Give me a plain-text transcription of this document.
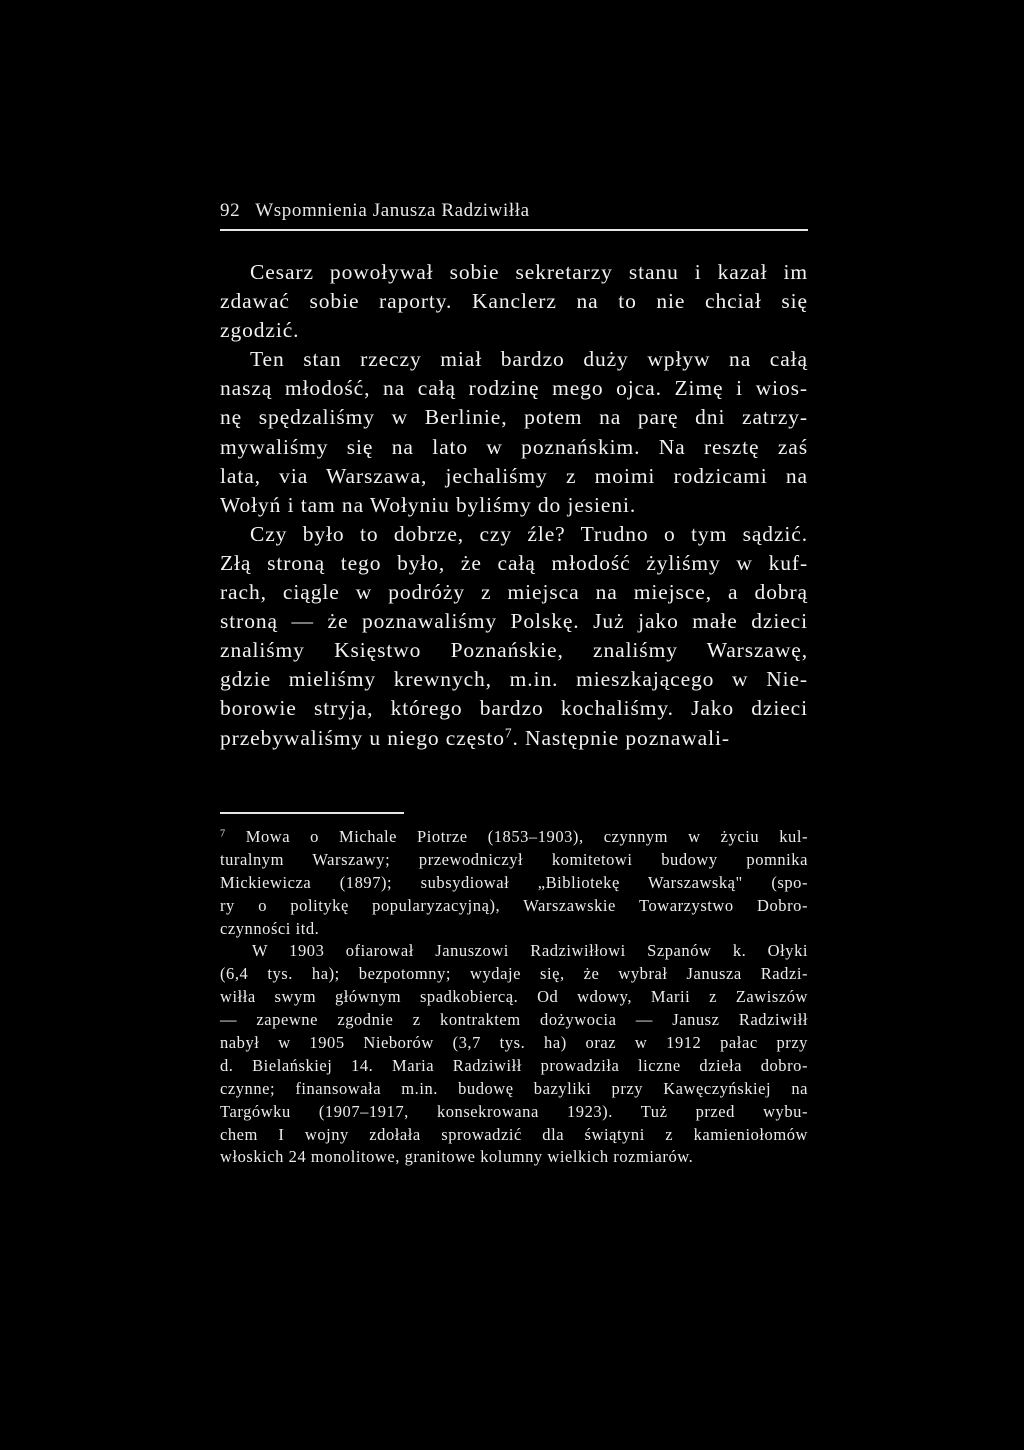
92 Wspomnienia Janusza Radziwiłła
Cesarz powoływał sobie sekretarzy stanu i kazał im
zdawać sobie raporty. Kanclerz na to nie chciał się
zgodzić.
Ten stan rzeczy miał bardzo duży wpływ na całą
naszą młodość, na całą rodzinę mego ojca. Zimę i wios-
nę spędzaliśmy w Berlinie, potem na parę dni zatrzy-
mywaliśmy się na lato w poznańskim. Na resztę zaś
lata, via Warszawa, jechaliśmy z moimi rodzicami na
Wołyń i tam na Wołyniu byliśmy do jesieni.
Czy było to dobrze, czy źle? Trudno o tym sądzić.
Złą stroną tego było, że całą młodość żyliśmy w kuf-
rach, ciągle w podróży z miejsca na miejsce, a dobrą
stroną — że poznawaliśmy Polskę. Już jako małe dzieci
znaliśmy Księstwo Poznańskie, znaliśmy Warszawę,
gdzie mieliśmy krewnych, m.in. mieszkającego w Nie-
borowie stryja, którego bardzo kochaliśmy. Jako dzieci
przebywaliśmy u niego często$^7$. Następnie poznawali-
$^7$ Mowa o Michale Piotrze (1853–1903), czynnym w życiu kul-
turalnym Warszawy; przewodniczył komitetowi budowy pomnika
Mickiewicza (1897); subsydiował „Bibliotekę Warszawską" (spo-
ry o politykę popularyzacyjną), Warszawskie Towarzystwo Dobro-
czynności itd.
W 1903 ofiarował Januszowi Radziwiłłowi Szpanów k. Ołyki
(6,4 tys. ha); bezpotomny; wydaje się, że wybrał Janusza Radzi-
wiłła swym głównym spadkobiercą. Od wdowy, Marii z Zawiszów
— zapewne zgodnie z kontraktem dożywocia — Janusz Radziwiłł
nabył w 1905 Nieborów (3,7 tys. ha) oraz w 1912 pałac przy
d. Bielańskiej 14. Maria Radziwiłł prowadziła liczne dzieła dobro-
czynne; finansowała m.in. budowę bazyliki przy Kawęczyńskiej na
Targówku (1907–1917, konsekrowana 1923). Tuż przed wybu-
chem I wojny zdołała sprowadzić dla świątyni z kamieniołomów
włoskich 24 monolitowe, granitowe kolumny wielkich rozmiarów.
